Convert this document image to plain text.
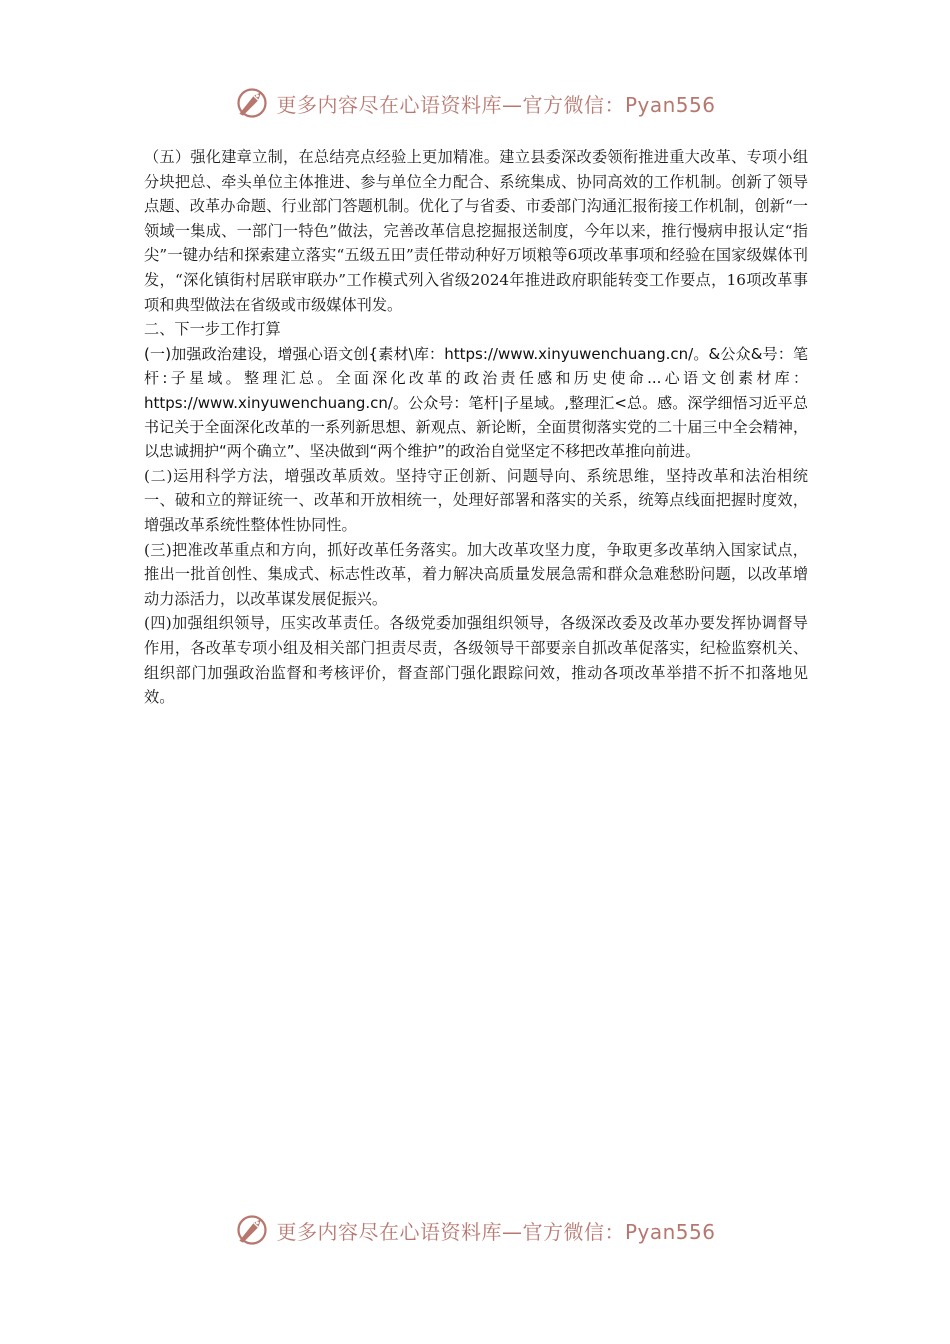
更多内容尽在心语资料库—官方微信：Pyan556

（五）强化建章立制，在总结亮点经验上更加精准。建立县委深改委领衔推进重大改革、专项小组分块把总、牵头单位主体推进、参与单位全力配合、系统集成、协同高效的工作机制。创新了领导点题、改革办命题、行业部门答题机制。优化了与省委、市委部门沟通汇报衔接工作机制，创新“一领域一集成、一部门一特色”做法，完善改革信息挖掘报送制度，今年以来，推行慢病申报认定“指尖”一键办结和探索建立落实“五级五田”责任带动种好万顷粮等6项改革事项和经验在国家级媒体刊发，“深化镇街村居联审联办”工作模式列入省级2024年推进政府职能转变工作要点，16项改革事项和典型做法在省级或市级媒体刊发。

二、下一步工作打算

(一)加强政治建设，增强心语文创{素材\库：https://www.xinyuwenchuang.cn/。&公众&号：笔杆:子星域。整理汇总。全面深化改革的政治责任感和历史使命...心语文创素材库：https://www.xinyuwenchuang.cn/。公众号：笔杆|子星域。,整理汇<总。感。深学细悟习近平总书记关于全面深化改革的一系列新思想、新观点、新论断，全面贯彻落实党的二十届三中全会精神，以忠诚拥护“两个确立”、坚决做到“两个维护”的政治自觉坚定不移把改革推向前进。

(二)运用科学方法，增强改革质效。坚持守正创新、问题导向、系统思维，坚持改革和法治相统一、破和立的辩证统一、改革和开放相统一，处理好部署和落实的关系，统筹点线面把握时度效，增强改革系统性整体性协同性。

(三)把准改革重点和方向，抓好改革任务落实。加大改革攻坚力度，争取更多改革纳入国家试点，推出一批首创性、集成式、标志性改革，着力解决高质量发展急需和群众急难愁盼问题，以改革增动力添活力，以改革谋发展促振兴。

(四)加强组织领导，压实改革责任。各级党委加强组织领导，各级深改委及改革办要发挥协调督导作用，各改革专项小组及相关部门担责尽责，各级领导干部要亲自抓改革促落实，纪检监察机关、组织部门加强政治监督和考核评价，督查部门强化跟踪问效，推动各项改革举措不折不扣落地见效。

更多内容尽在心语资料库—官方微信：Pyan556
